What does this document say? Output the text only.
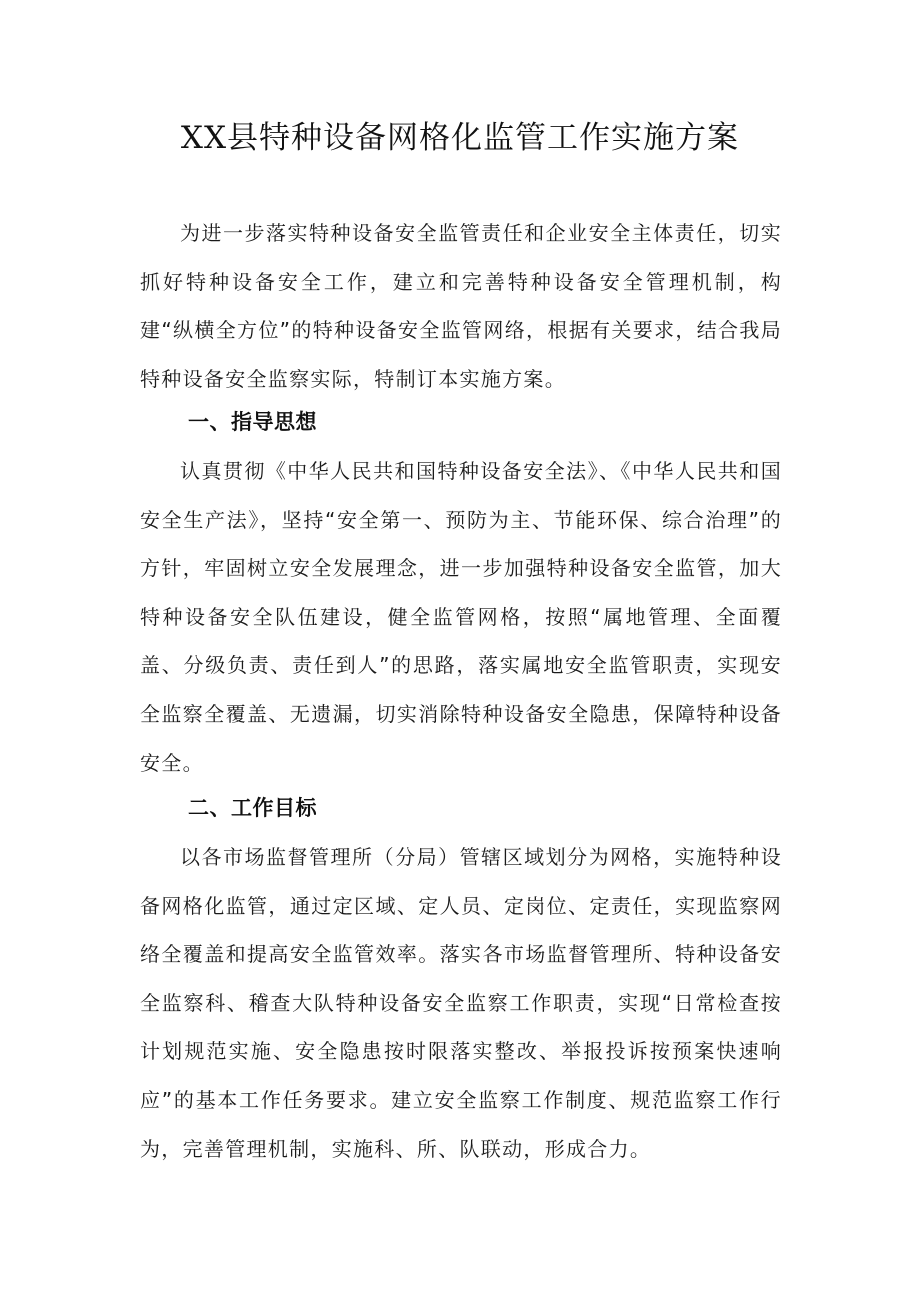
XX县特种设备网格化监管工作实施方案

为进一步落实特种设备安全监管责任和企业安全主体责任，切实抓好特种设备安全工作，建立和完善特种设备安全管理机制，构建“纵横全方位”的特种设备安全监管网络，根据有关要求，结合我局特种设备安全监察实际，特制订本实施方案。

一、指导思想

认真贯彻《中华人民共和国特种设备安全法》、《中华人民共和国安全生产法》，坚持“安全第一、预防为主、节能环保、综合治理”的方针，牢固树立安全发展理念，进一步加强特种设备安全监管，加大特种设备安全队伍建设，健全监管网格，按照“属地管理、全面覆盖、分级负责、责任到人”的思路，落实属地安全监管职责，实现安全监察全覆盖、无遗漏，切实消除特种设备安全隐患，保障特种设备安全。

二、工作目标

以各市场监督管理所（分局）管辖区域划分为网格，实施特种设备网格化监管，通过定区域、定人员、定岗位、定责任，实现监察网络全覆盖和提高安全监管效率。落实各市场监督管理所、特种设备安全监察科、稽查大队特种设备安全监察工作职责，实现“日常检查按计划规范实施、安全隐患按时限落实整改、举报投诉按预案快速响应”的基本工作任务要求。建立安全监察工作制度、规范监察工作行为，完善管理机制，实施科、所、队联动，形成合力。
